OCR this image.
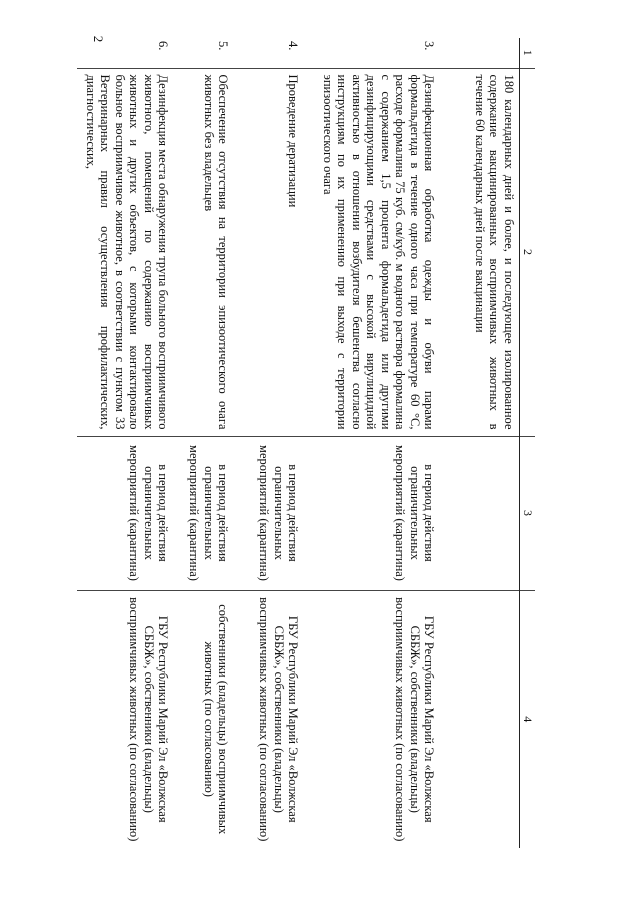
2
1	2	3	4
	180 календарных дней и более, и последующее изолированное содержание вакцинированных восприимчивых животных в течение 60 календарных дней после вакцинации		
3.	Дезинфекционная обработка одежды и обуви парами формальдегида в течение одного часа при температуре 60 °С, расходе формалина 75 куб. см/куб. м водного раствора формалина с содержанием 1,5 процента формальдегида или другими дезинфицирующими средствами с высокой вирулицидной активностью в отношении возбудителя бешенства согласно инструкциям по их применению при выходе с территории эпизоотического очага	в период действия ограничительных мероприятий (карантина)	ГБУ Республики Марий Эл «Волжская СББЖ», собственники (владельцы) восприимчивых животных (по согласованию)
4.	Проведение дератизации	в период действия ограничительных мероприятий (карантина)	ГБУ Республики Марий Эл «Волжская СББЖ», собственники (владельцы) восприимчивых животных (по согласованию)
5.	Обеспечение отсутствия на территории эпизоотического очага животных без владельцев	в период действия ограничительных мероприятий (карантина)	собственники (владельцы) восприимчивых животных (по согласованию)
6.	Дезинфекция места обнаружения трупа больного восприимчивого животного, помещений по содержанию восприимчивых животных и других объектов, с которыми контактировало больное восприимчивое животное, в соответствии с пунктом 33 Ветеринарных правил осуществления профилактических, диагностических,	в период действия ограничительных мероприятий (карантина)	ГБУ Республики Марий Эл «Волжская СББЖ», собственники (владельцы) восприимчивых животных (по согласованию)
